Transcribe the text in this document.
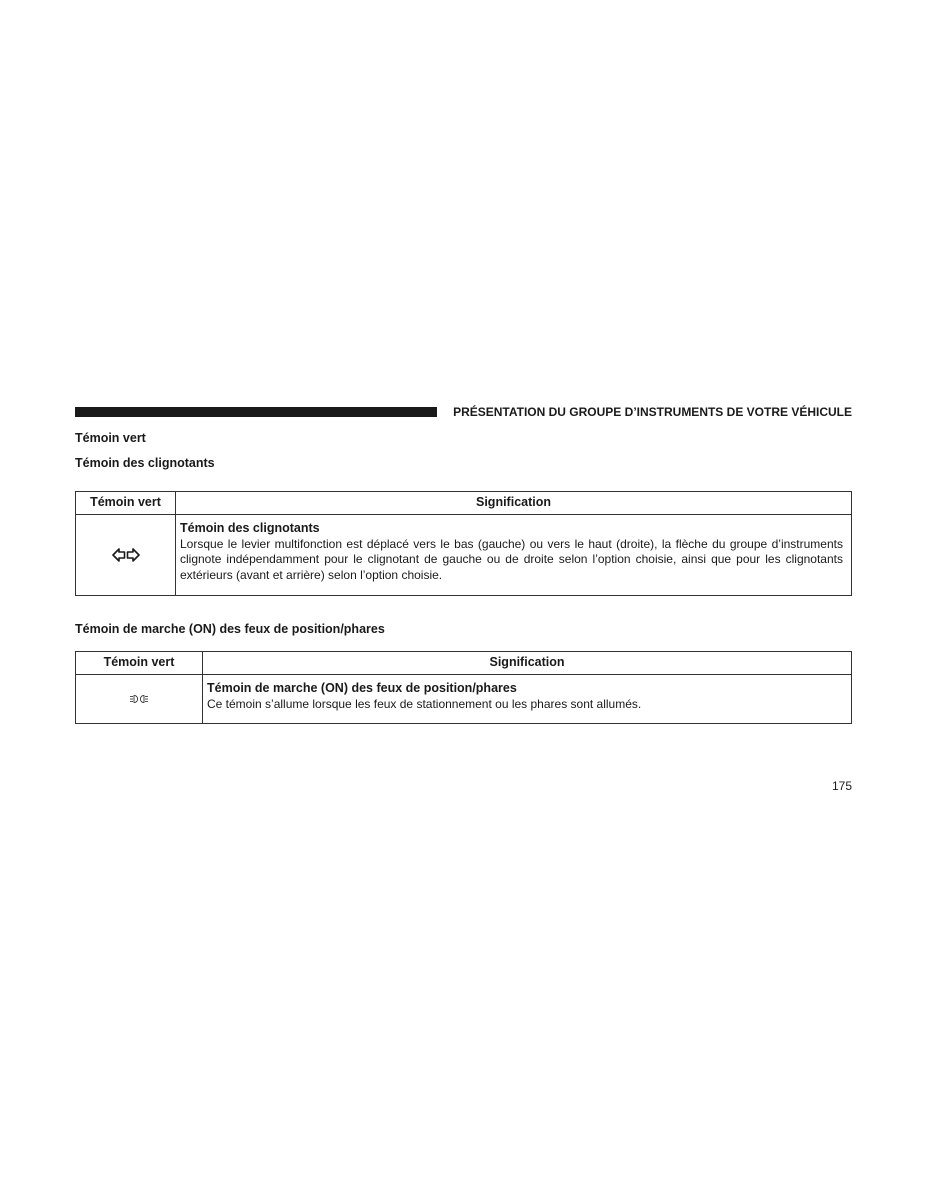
PRÉSENTATION DU GROUPE D’INSTRUMENTS DE VOTRE VÉHICULE
Témoin vert
Témoin des clignotants
Témoin vert	Signification

Témoin des clignotants
Lorsque le levier multifonction est déplacé vers le bas (gauche) ou vers le haut (droite), la flèche du groupe d’instruments clignote indépendamment pour le clignotant de gauche ou de droite selon l’option choisie, ainsi que pour les clignotants extérieurs (avant et arrière) selon l’option choisie.
Témoin de marche (ON) des feux de position/phares
Témoin vert	Signification

Témoin de marche (ON) des feux de position/phares
Ce témoin s’allume lorsque les feux de stationnement ou les phares sont allumés.
175
